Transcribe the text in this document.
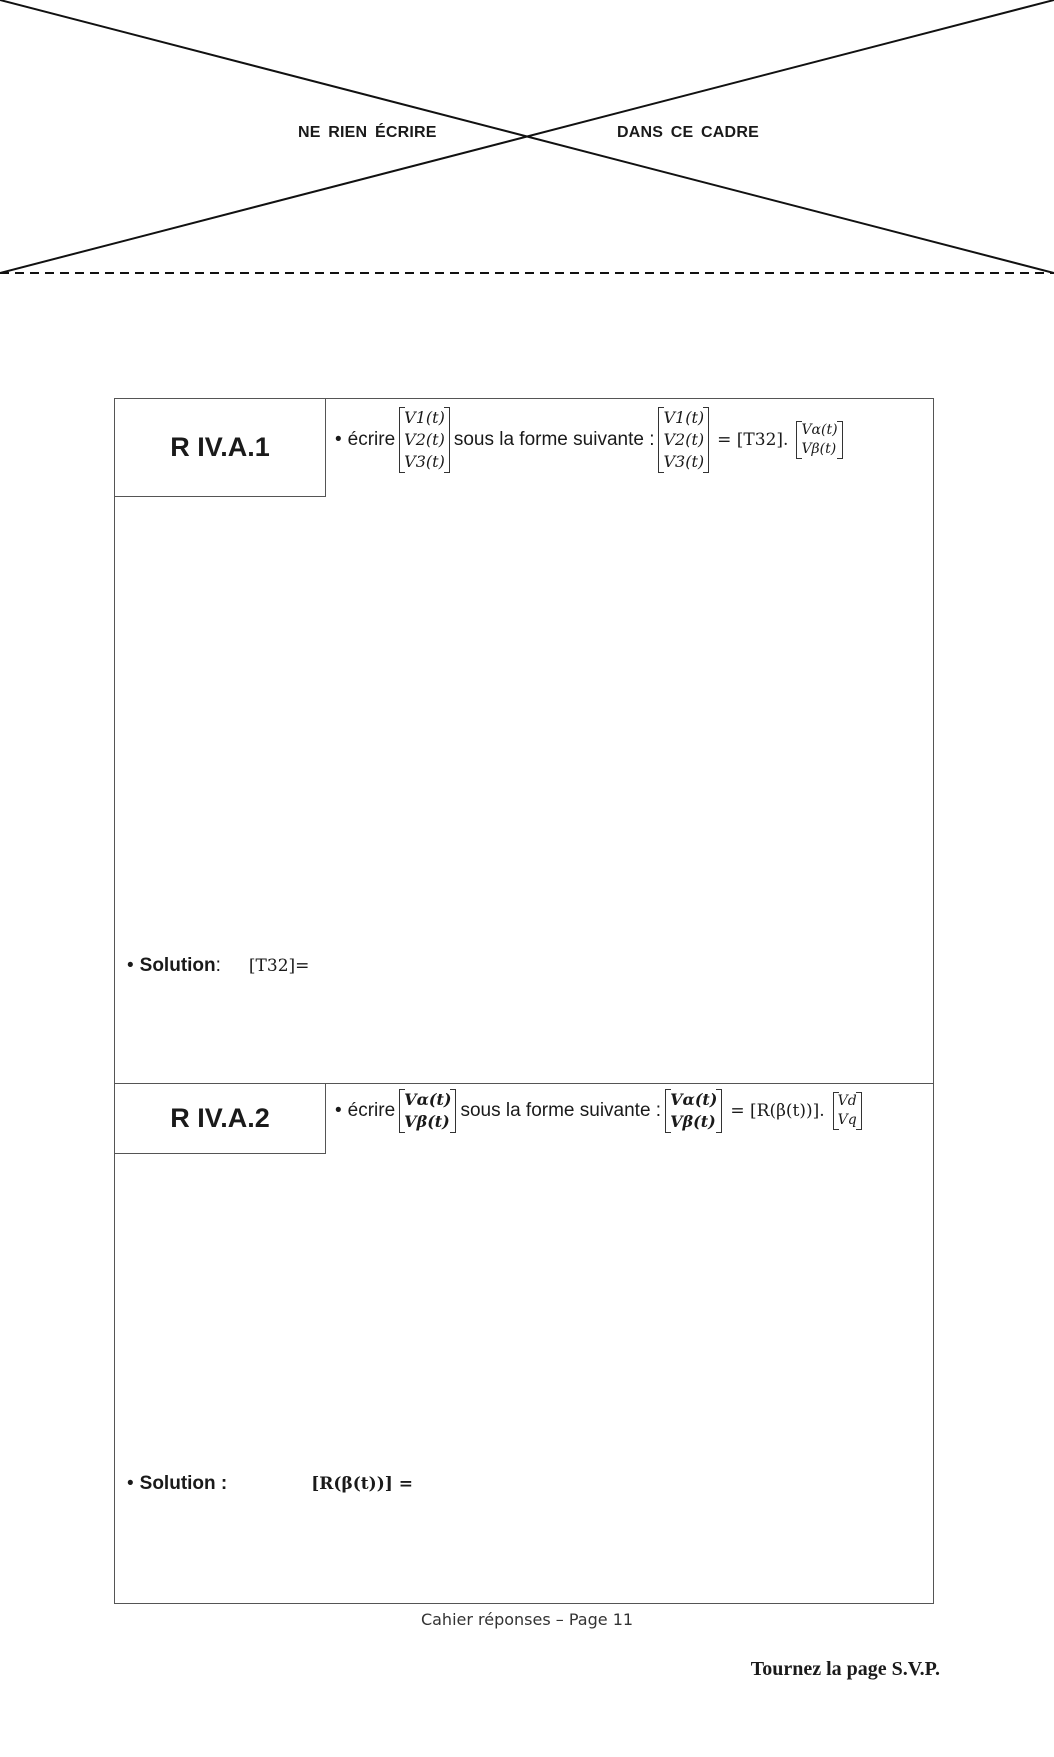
NE RIEN ÉCRIRE	DANS CE CADRE
R IV.A.1	• écrire
V1(t)
V2(t)
V3(t)
sous la forme suivante :
V1(t)
V2(t)
V3(t)
= [T32]. Vα(t)
Vβ(t)
• Solution : [T32]=
R IV.A.2	• écrire
Vα(t)
Vβ(t)
sous la forme suivante :
Vα(t)
Vβ(t)
= [R(β(t))]. Vd
Vq
• Solution :	[R(β(t))] =
Cahier réponses – Page 11
Tournez la page S.V.P.
